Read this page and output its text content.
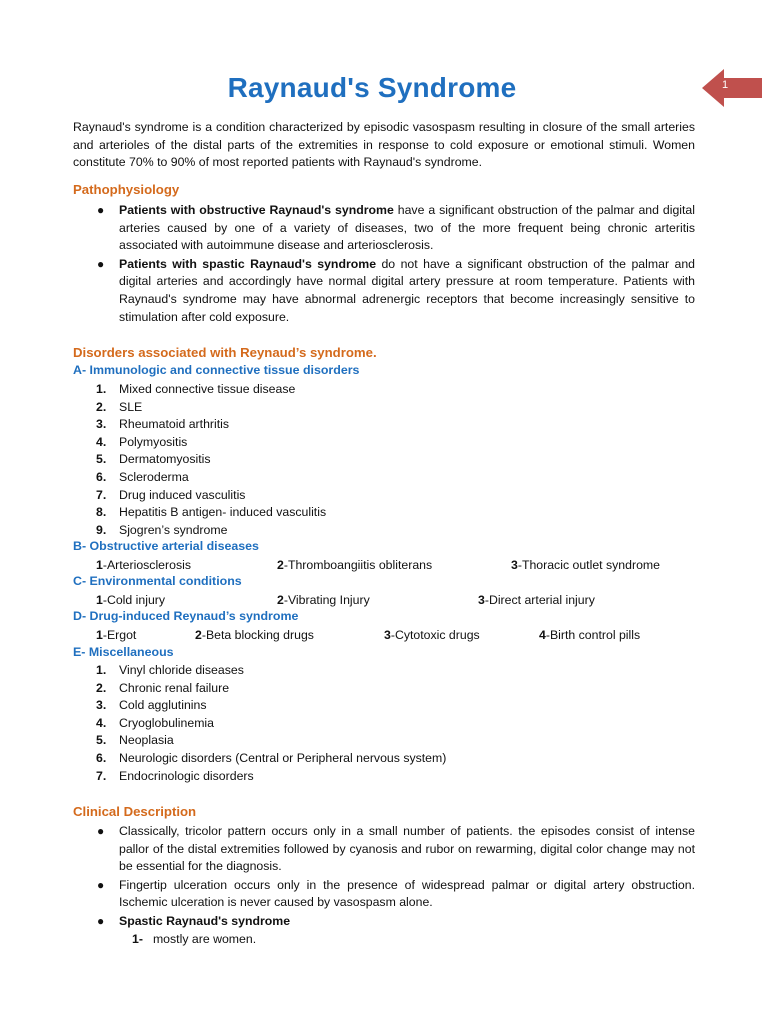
1
Raynaud's Syndrome
Raynaud's syndrome is a condition characterized by episodic vasospasm resulting in closure of the small arteries and arterioles of the distal parts of the extremities in response to cold exposure or emotional stimuli. Women constitute 70% to 90% of most reported patients with Raynaud's syndrome.
Pathophysiology
● Patients with obstructive Raynaud's syndrome have a significant obstruction of the palmar and digital arteries caused by one of a variety of diseases, two of the more frequent being chronic arteritis associated with autoimmune disease and arteriosclerosis.
● Patients with spastic Raynaud's syndrome do not have a significant obstruction of the palmar and digital arteries and accordingly have normal digital artery pressure at room temperature. Patients with Raynaud's syndrome may have abnormal adrenergic receptors that become increasingly sensitive to stimulation after cold exposure.
Disorders associated with Reynaud’s syndrome.
A- Immunologic and connective tissue disorders
1. Mixed connective tissue disease
2. SLE
3. Rheumatoid arthritis
4. Polymyositis
5. Dermatomyositis
6. Scleroderma
7. Drug induced vasculitis
8. Hepatitis B antigen- induced vasculitis
9. Sjogren’s syndrome
B- Obstructive arterial diseases
1-Arteriosclerosis	2-Thromboangiitis obliterans	3-Thoracic outlet syndrome
C- Environmental conditions
1-Cold injury	2-Vibrating Injury	3-Direct arterial injury
D- Drug-induced Reynaud’s syndrome
1-Ergot	2-Beta blocking drugs	3-Cytotoxic drugs	4-Birth control pills
E- Miscellaneous
1. Vinyl chloride diseases
2. Chronic renal failure
3. Cold agglutinins
4. Cryoglobulinemia
5. Neoplasia
6. Neurologic disorders (Central or Peripheral nervous system)
7. Endocrinologic disorders
Clinical Description
● Classically, tricolor pattern occurs only in a small number of patients. the episodes consist of intense pallor of the distal extremities followed by cyanosis and rubor on rewarming, digital color change may not be essential for the diagnosis.
● Fingertip ulceration occurs only in the presence of widespread palmar or digital artery obstruction. Ischemic ulceration is never caused by vasospasm alone.
● Spastic Raynaud's syndrome
1- mostly are women.
